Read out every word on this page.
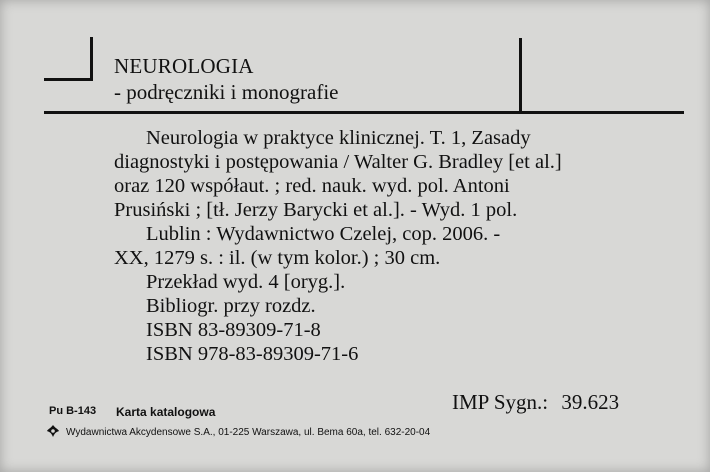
NEUROLOGIA
- podręczniki i monografie
Neurologia w praktyce klinicznej. T. 1, Zasady
diagnostyki i postępowania / Walter G. Bradley [et al.]
oraz 120 współaut. ; red. nauk. wyd. pol. Antoni
Prusiński ; [tł. Jerzy Barycki et al.]. - Wyd. 1 pol.
Lublin : Wydawnictwo Czelej, cop. 2006. -
XX, 1279 s. : il. (w tym kolor.) ; 30 cm.
Przekład wyd. 4 [oryg.].
Bibliogr. przy rozdz.
ISBN 83-89309-71-8
ISBN 978-83-89309-71-6
IMP Sygn.: 39.623
Pu B-143 Karta katalogowa
Wydawnictwa Akcydensowe S.A., 01-225 Warszawa, ul. Bema 60a, tel. 632-20-04
